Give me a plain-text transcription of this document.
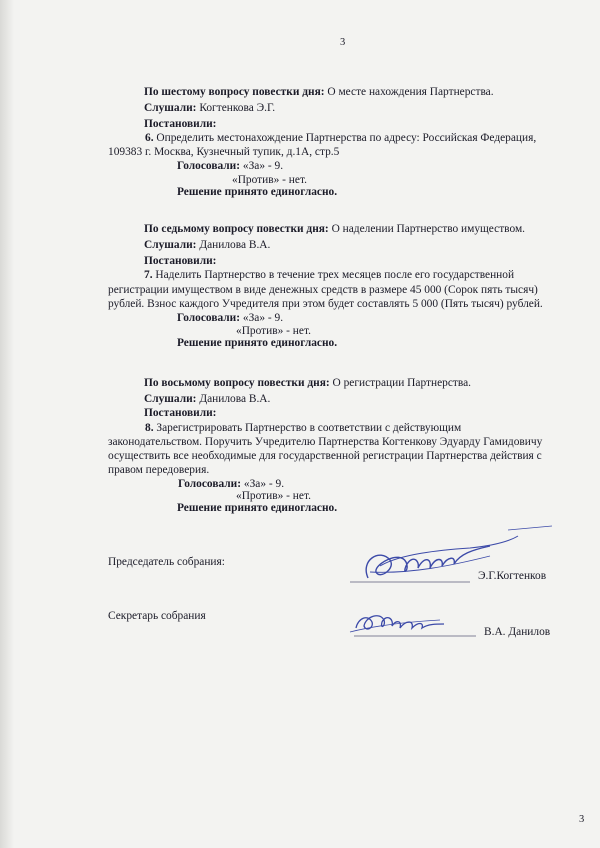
3
По шестому вопросу повестки дня: О месте нахождения Партнерства.
Слушали: Когтенкова Э.Г.
Постановили:
6. Определить местонахождение Партнерства по адресу: Российская Федерация,
109383 г. Москва, Кузнечный тупик, д.1А, стр.5
Голосовали: «За» - 9.
«Против» - нет.
Решение принято единогласно.
По седьмому вопросу повестки дня: О наделении Партнерство имуществом.
Слушали: Данилова В.А.
Постановили:
7. Наделить Партнерство в течение трех месяцев после его государственной
регистрации имуществом в виде денежных средств в размере 45 000 (Сорок пять тысяч)
рублей. Взнос каждого Учредителя при этом будет составлять 5 000 (Пять тысяч) рублей.
Голосовали: «За» - 9.
«Против» - нет.
Решение принято единогласно.
По восьмому вопросу повестки дня: О регистрации Партнерства.
Слушали: Данилова В.А.
Постановили:
8. Зарегистрировать Партнерство в соответствии с действующим
законодательством. Поручить Учредителю Партнерства Когтенкову Эдуарду Гамидовичу
осуществить все необходимые для государственной регистрации Партнерства действия с
правом передоверия.
Голосовали: «За» - 9.
«Против» - нет.
Решение принято единогласно.
Председатель собрания:
Э.Г.Когтенков
Секретарь собрания
В.А. Данилов
3
